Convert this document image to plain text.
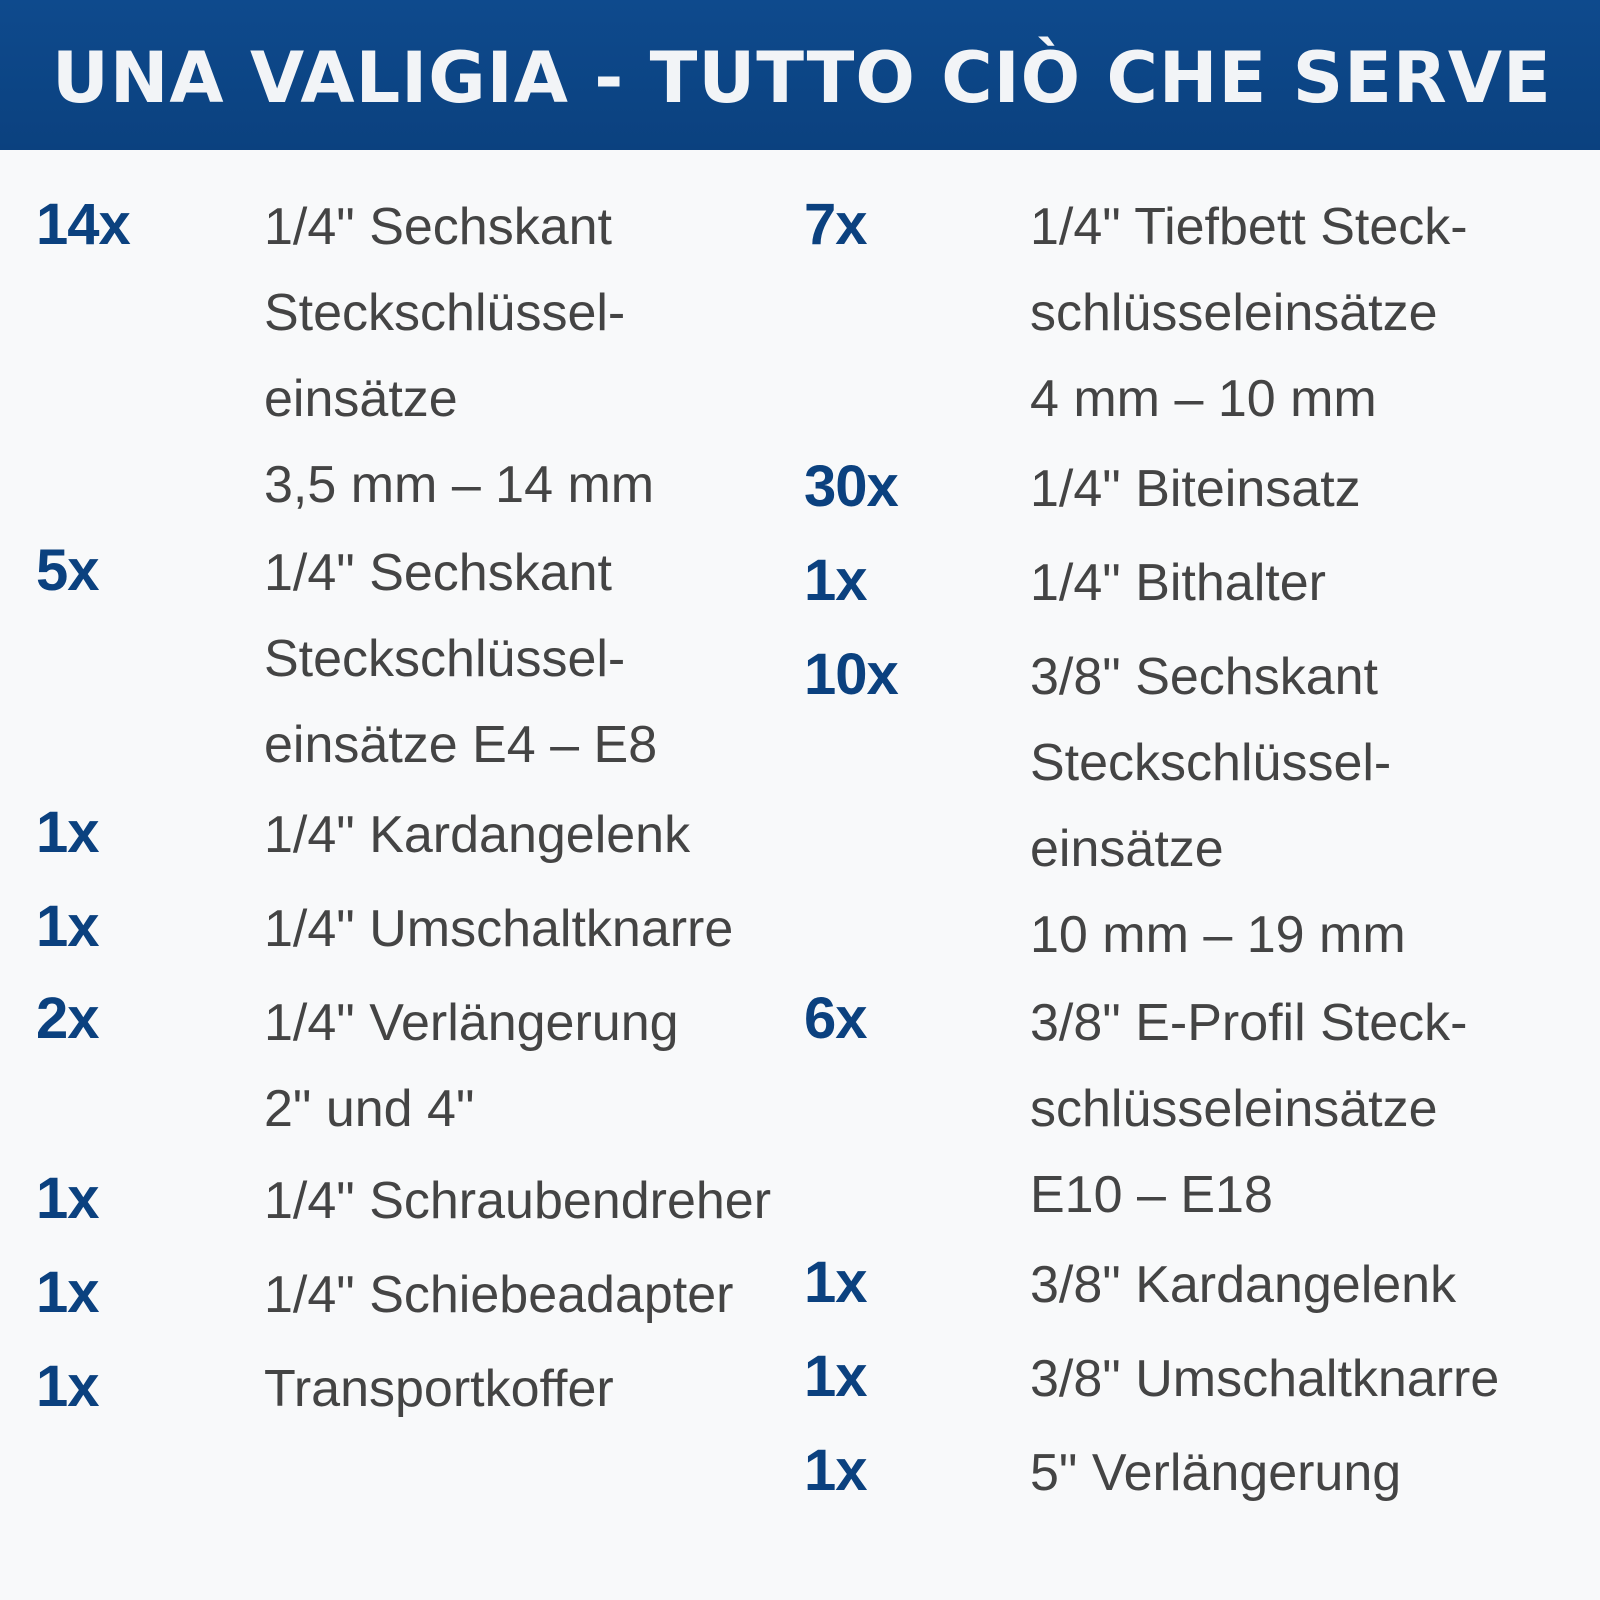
UNA VALIGIA - TUTTO CIÒ CHE SERVE
14x	1/4" Sechskant
Steckschlüssel-
einsätze
3,5 mm – 14 mm
5x	1/4" Sechskant
Steckschlüssel-
einsätze E4 – E8
1x	1/4" Kardangelenk
1x	1/4" Umschaltknarre
2x	1/4" Verlängerung
2" und 4"
1x	1/4" Schraubendreher
1x	1/4" Schiebeadapter
1x	Transportkoffer
7x	1/4" Tiefbett Steck-
schlüsseleinsätze
4 mm – 10 mm
30x	1/4" Biteinsatz
1x	1/4" Bithalter
10x	3/8" Sechskant
Steckschlüssel-
einsätze
10 mm – 19 mm
6x	3/8" E-Profil Steck-
schlüsseleinsätze
E10 – E18
1x	3/8" Kardangelenk
1x	3/8" Umschaltknarre
1x	5" Verlängerung
